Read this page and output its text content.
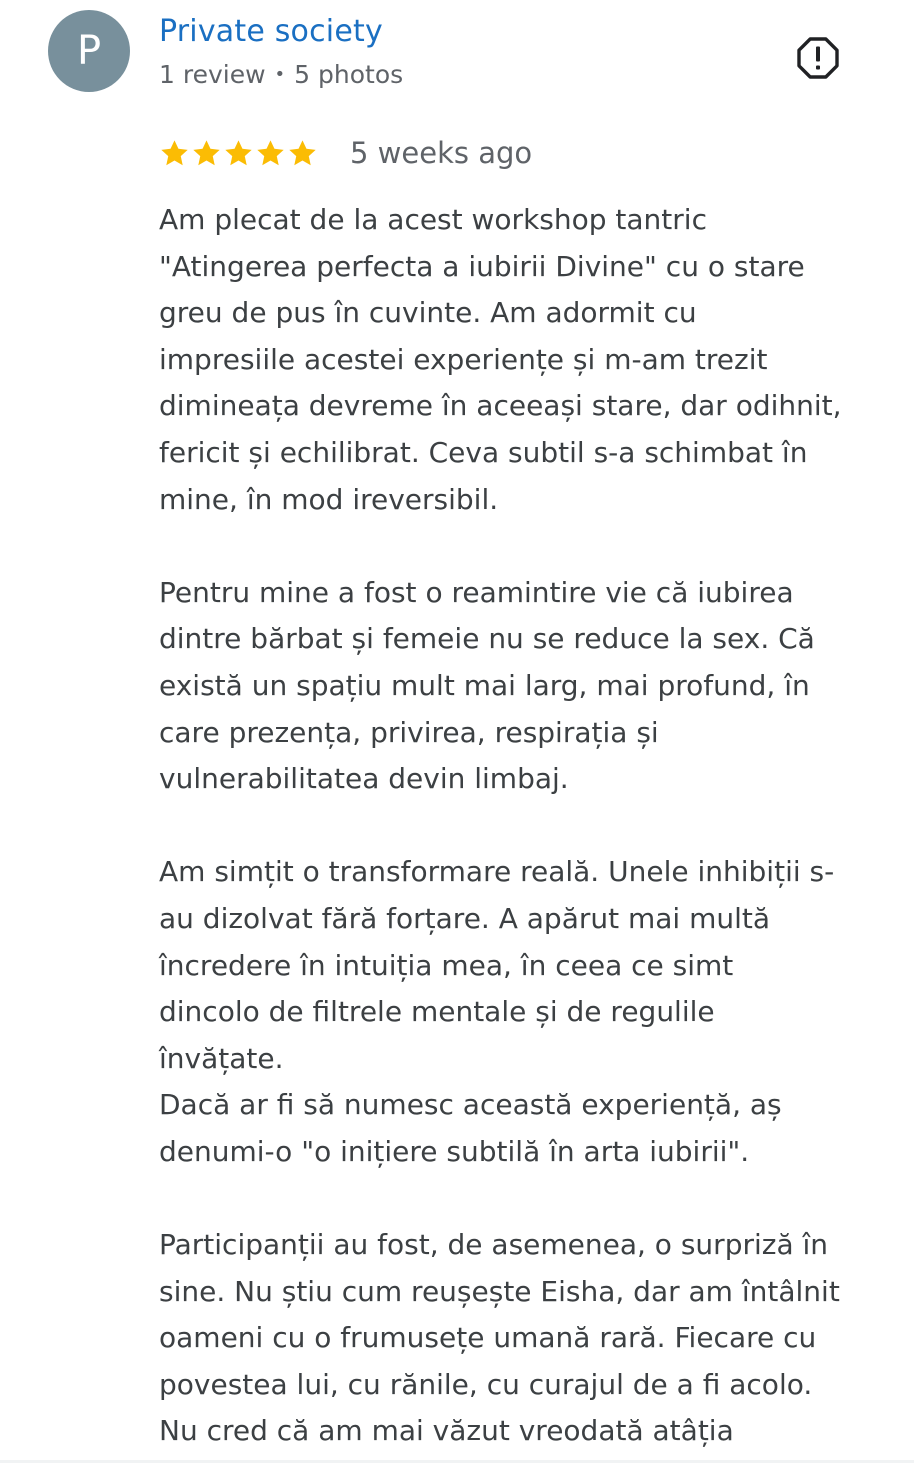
P Private society
1 review • 5 photos
5 weeks ago
Am plecat de la acest workshop tantric
"Atingerea perfecta a iubirii Divine" cu o stare
greu de pus în cuvinte. Am adormit cu
impresiile acestei experiențe și m-am trezit
dimineața devreme în aceeași stare, dar odihnit,
fericit și echilibrat. Ceva subtil s-a schimbat în
mine, în mod ireversibil.
Pentru mine a fost o reamintire vie că iubirea
dintre bărbat și femeie nu se reduce la sex. Că
există un spațiu mult mai larg, mai profund, în
care prezența, privirea, respirația și
vulnerabilitatea devin limbaj.
Am simțit o transformare reală. Unele inhibiții s-
au dizolvat fără forțare. A apărut mai multă
încredere în intuiția mea, în ceea ce simt
dincolo de filtrele mentale și de regulile
învățate.
Dacă ar fi să numesc această experiență, aș
denumi-o "o inițiere subtilă în arta iubirii".
Participanții au fost, de asemenea, o surpriză în
sine. Nu știu cum reușește Eisha, dar am întâlnit
oameni cu o frumusețe umană rară. Fiecare cu
povestea lui, cu rănile, cu curajul de a fi acolo.
Nu cred că am mai văzut vreodată atâția
